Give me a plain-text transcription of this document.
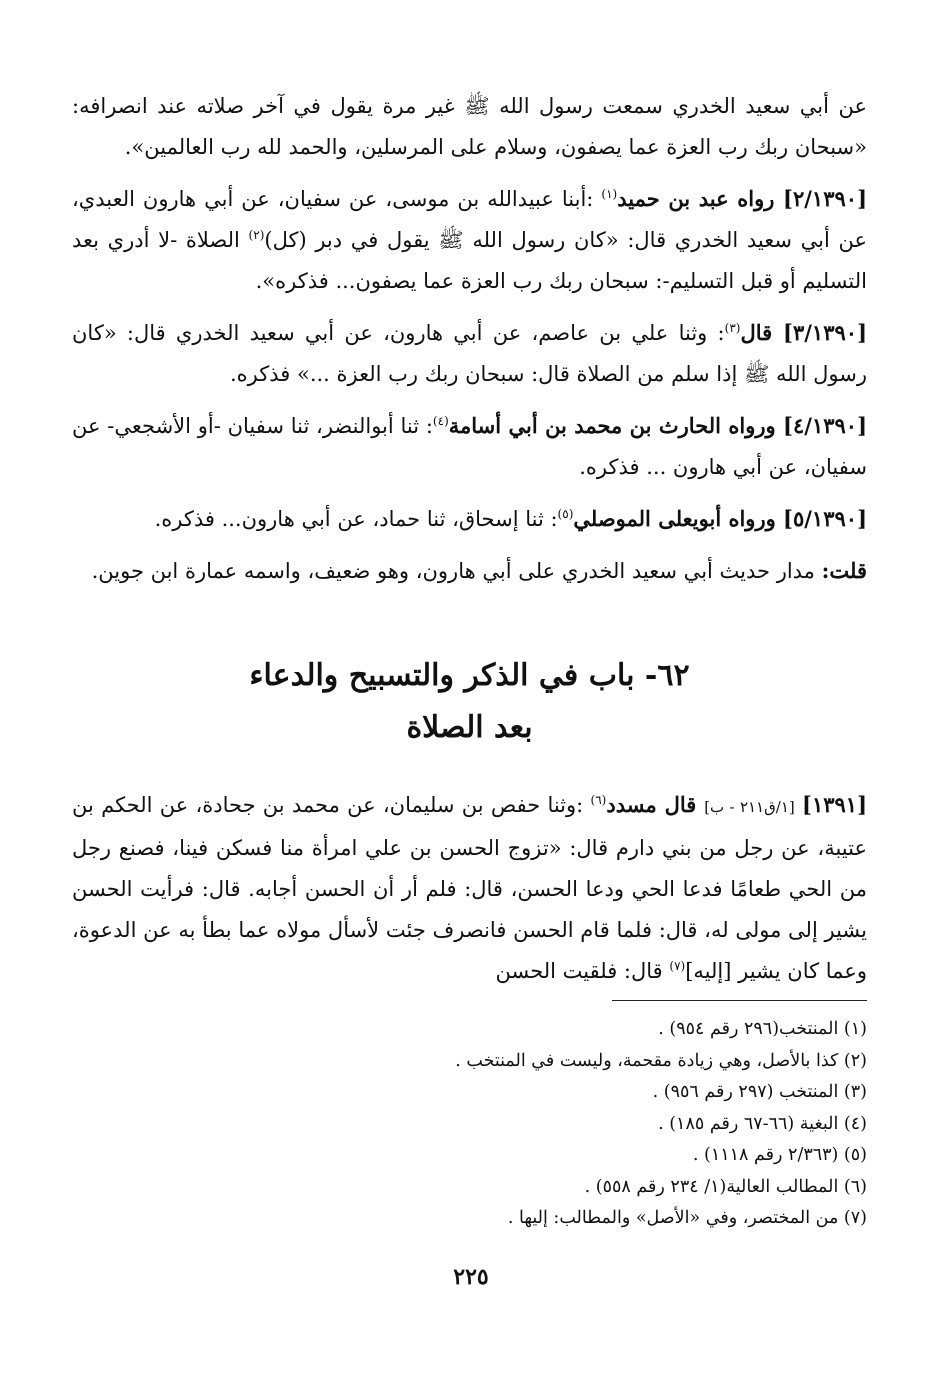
عن أبي سعيد الخدري سمعت رسول الله ﷺ غير مرة يقول في آخر صلاته عند انصرافه: «سبحان ربك رب العزة عما يصفون، وسلام على المرسلين، والحمد لله رب العالمين».

[٢/١٣٩٠] رواه عبد بن حميد$^{(١)}$ :أبنا عبيدالله بن موسى، عن سفيان، عن أبي هارون العبدي، عن أبي سعيد الخدري قال: «كان رسول الله ﷺ يقول في دبر (كل)$^{(٢)}$ الصلاة -لا أدري بعد التسليم أو قبل التسليم-: سبحان ربك رب العزة عما يصفون... فذكره».

[٣/١٣٩٠] قال$^{(٣)}$: وثنا علي بن عاصم، عن أبي هارون، عن أبي سعيد الخدري قال: «كان رسول الله ﷺ إذا سلم من الصلاة قال: سبحان ربك رب العزة ...» فذكره.

[٤/١٣٩٠] ورواه الحارث بن محمد بن أبي أسامة$^{(٤)}$: ثنا أبوالنضر، ثنا سفيان -أو الأشجعي- عن سفيان، عن أبي هارون ... فذكره.

[٥/١٣٩٠] ورواه أبويعلى الموصلي$^{(٥)}$: ثنا إسحاق، ثنا حماد، عن أبي هارون... فذكره.

قلت: مدار حديث أبي سعيد الخدري على أبي هارون، وهو ضعيف، واسمه عمارة ابن جوين.

٦٢- باب في الذكر والتسبيح والدعاء
بعد الصلاة

[١٣٩١] [١/ق٢١١ - ب] قال مسدد$^{(٦)}$ :وثنا حفص بن سليمان، عن محمد بن جحادة، عن الحكم بن عتيبة، عن رجل من بني دارم قال: «تزوج الحسن بن علي امرأة منا فسكن فينا، فصنع رجل من الحي طعامًا فدعا الحي ودعا الحسن، قال: فلم أر أن الحسن أجابه. قال: فرأيت الحسن يشير إلى مولى له، قال: فلما قام الحسن فانصرف جئت لأسأل مولاه عما بطأ به عن الدعوة، وعما كان يشير [إليه]$^{(٧)}$ قال: فلقيت الحسن

(١) المنتخب(٢٩٦ رقم ٩٥٤) .
(٢) كذا بالأصل، وهي زيادة مقحمة، وليست في المنتخب .
(٣) المنتخب (٢٩٧ رقم ٩٥٦) .
(٤) البغية (٦٦-٦٧ رقم ١٨٥) .
(٥) (٢/٣٦٣ رقم ١١١٨) .
(٦) المطالب العالية(١/ ٢٣٤ رقم ٥٥٨) .
(٧) من المختصر، وفي «الأصل» والمطالب: إليها .
٢٢٥
